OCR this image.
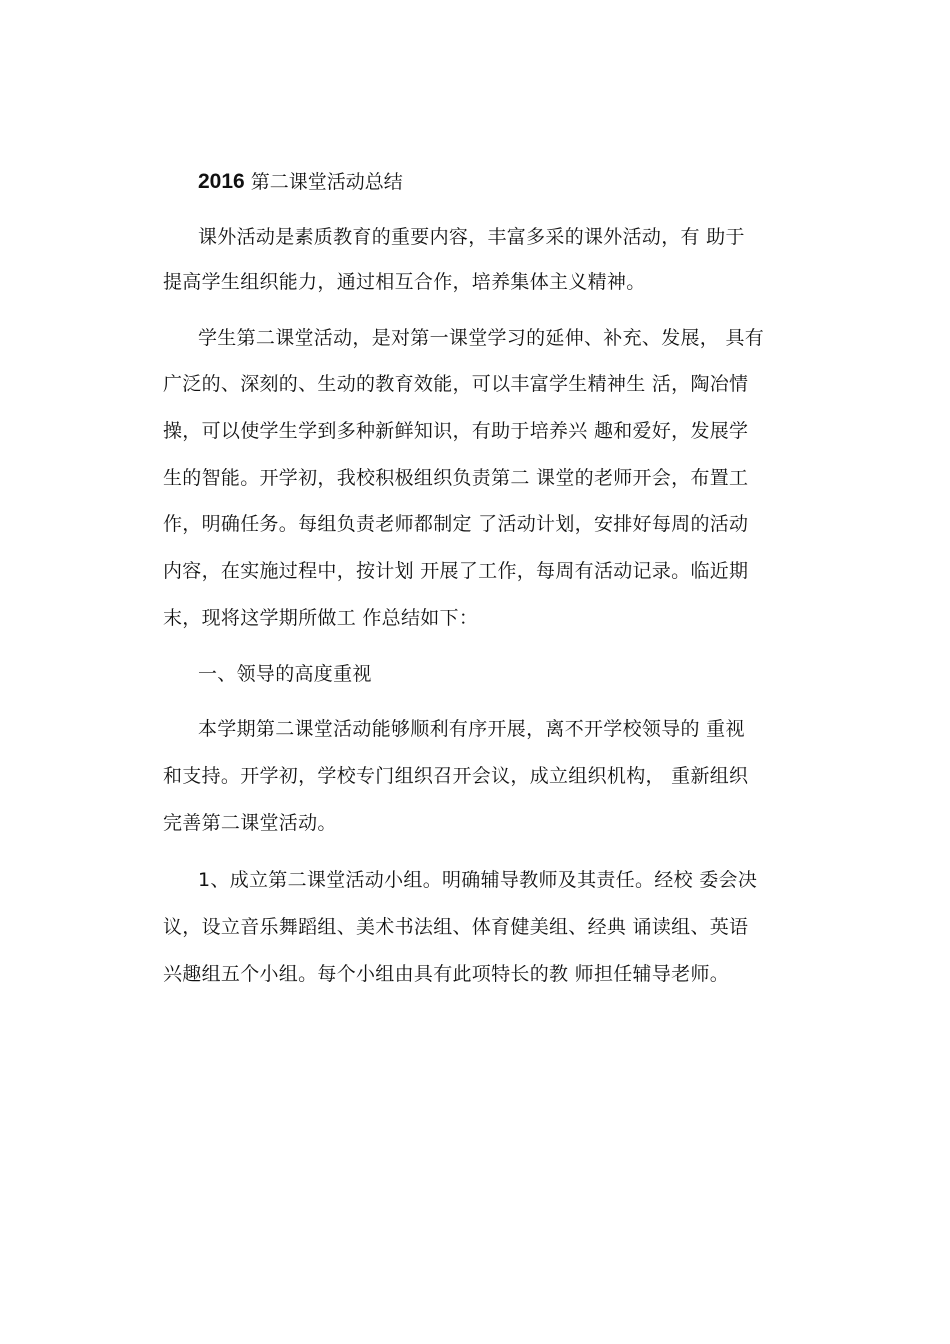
2016 第二课堂活动总结
课外活动是素质教育的重要内容，丰富多采的课外活动，有 助于
提高学生组织能力，通过相互合作，培养集体主义精神。
学生第二课堂活动，是对第一课堂学习的延伸、补充、发展， 具有
广泛的、深刻的、生动的教育效能，可以丰富学生精神生 活，陶冶情
操，可以使学生学到多种新鲜知识，有助于培养兴 趣和爱好，发展学
生的智能。开学初，我校积极组织负责第二 课堂的老师开会，布置工
作，明确任务。每组负责老师都制定 了活动计划，安排好每周的活动
内容，在实施过程中，按计划 开展了工作，每周有活动记录。临近期
末，现将这学期所做工 作总结如下：
一、领导的高度重视
本学期第二课堂活动能够顺利有序开展，离不开学校领导的 重视
和支持。开学初，学校专门组织召开会议，成立组织机构， 重新组织
完善第二课堂活动。
1、成立第二课堂活动小组。明确辅导教师及其责任。经校 委会决
议，设立音乐舞蹈组、美术书法组、体育健美组、经典 诵读组、英语
兴趣组五个小组。每个小组由具有此项特长的教 师担任辅导老师。
